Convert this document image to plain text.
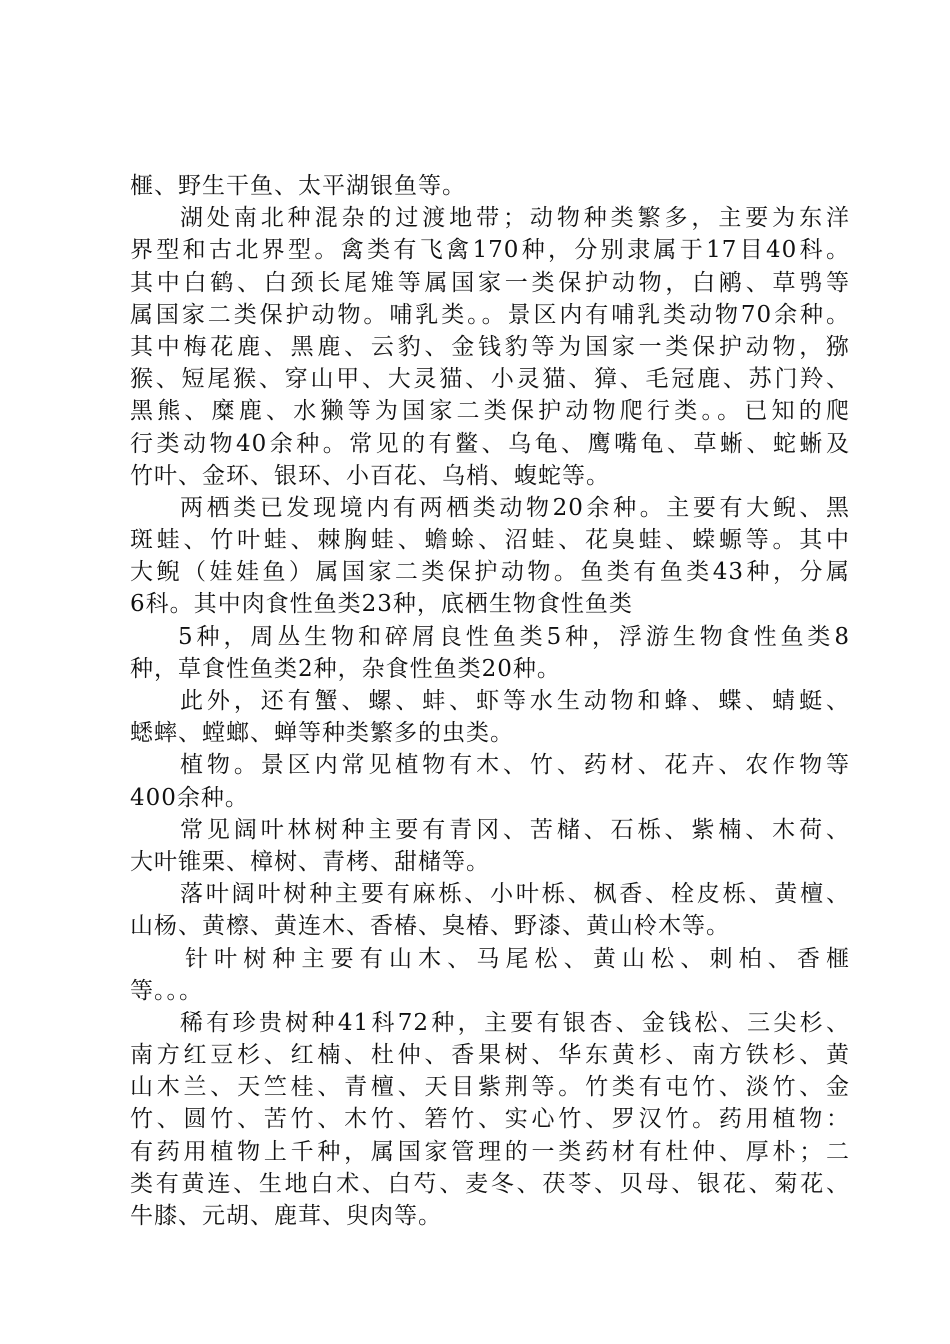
榧、野生干鱼、太平湖银鱼等。
湖处南北种混杂的过渡地带；动物种类繁多，主要为东洋
界型和古北界型。禽类有飞禽170种，分别隶属于17目40科。
其中白鹤、白颈长尾雉等属国家一类保护动物，白鹇、草鸮等
属国家二类保护动物。哺乳类。。景区内有哺乳类动物70余种。
其中梅花鹿、黑鹿、云豹、金钱豹等为国家一类保护动物，猕
猴、短尾猴、穿山甲、大灵猫、小灵猫、獐、毛冠鹿、苏门羚、
黑熊、糜鹿、水獭等为国家二类保护动物爬行类。。已知的爬
行类动物40余种。常见的有鳖、乌龟、鹰嘴龟、草蜥、蛇蜥及
竹叶、金环、银环、小百花、乌梢、蝮蛇等。
两栖类已发现境内有两栖类动物20余种。主要有大鲵、黑
斑蛙、竹叶蛙、棘胸蛙、蟾蜍、沼蛙、花臭蛙、蝾螈等。其中
大鲵（娃娃鱼）属国家二类保护动物。鱼类有鱼类43种，分属
6科。其中肉食性鱼类23种，底栖生物食性鱼类
5种，周丛生物和碎屑良性鱼类5种，浮游生物食性鱼类8
种，草食性鱼类2种，杂食性鱼类20种。
此外，还有蟹、螺、蚌、虾等水生动物和蜂、蝶、蜻蜓、
蟋蟀、螳螂、蝉等种类繁多的虫类。
植物。景区内常见植物有木、竹、药材、花卉、农作物等
400余种。
常见阔叶林树种主要有青冈、苦槠、石栎、紫楠、木荷、
大叶锥栗、樟树、青栲、甜槠等。
落叶阔叶树种主要有麻栎、小叶栎、枫香、栓皮栎、黄檀、
山杨、黄檫、黄连木、香椿、臭椿、野漆、黄山柃木等。
针叶树种主要有山木、马尾松、黄山松、刺柏、香榧
等。。。
稀有珍贵树种41科72种，主要有银杏、金钱松、三尖杉、
南方红豆杉、红楠、杜仲、香果树、华东黄杉、南方铁杉、黄
山木兰、天竺桂、青檀、天目紫荆等。竹类有屯竹、淡竹、金
竹、圆竹、苦竹、木竹、箬竹、实心竹、罗汉竹。药用植物：
有药用植物上千种，属国家管理的一类药材有杜仲、厚朴；二
类有黄连、生地白术、白芍、麦冬、茯苓、贝母、银花、菊花、
牛膝、元胡、鹿茸、臾肉等。
